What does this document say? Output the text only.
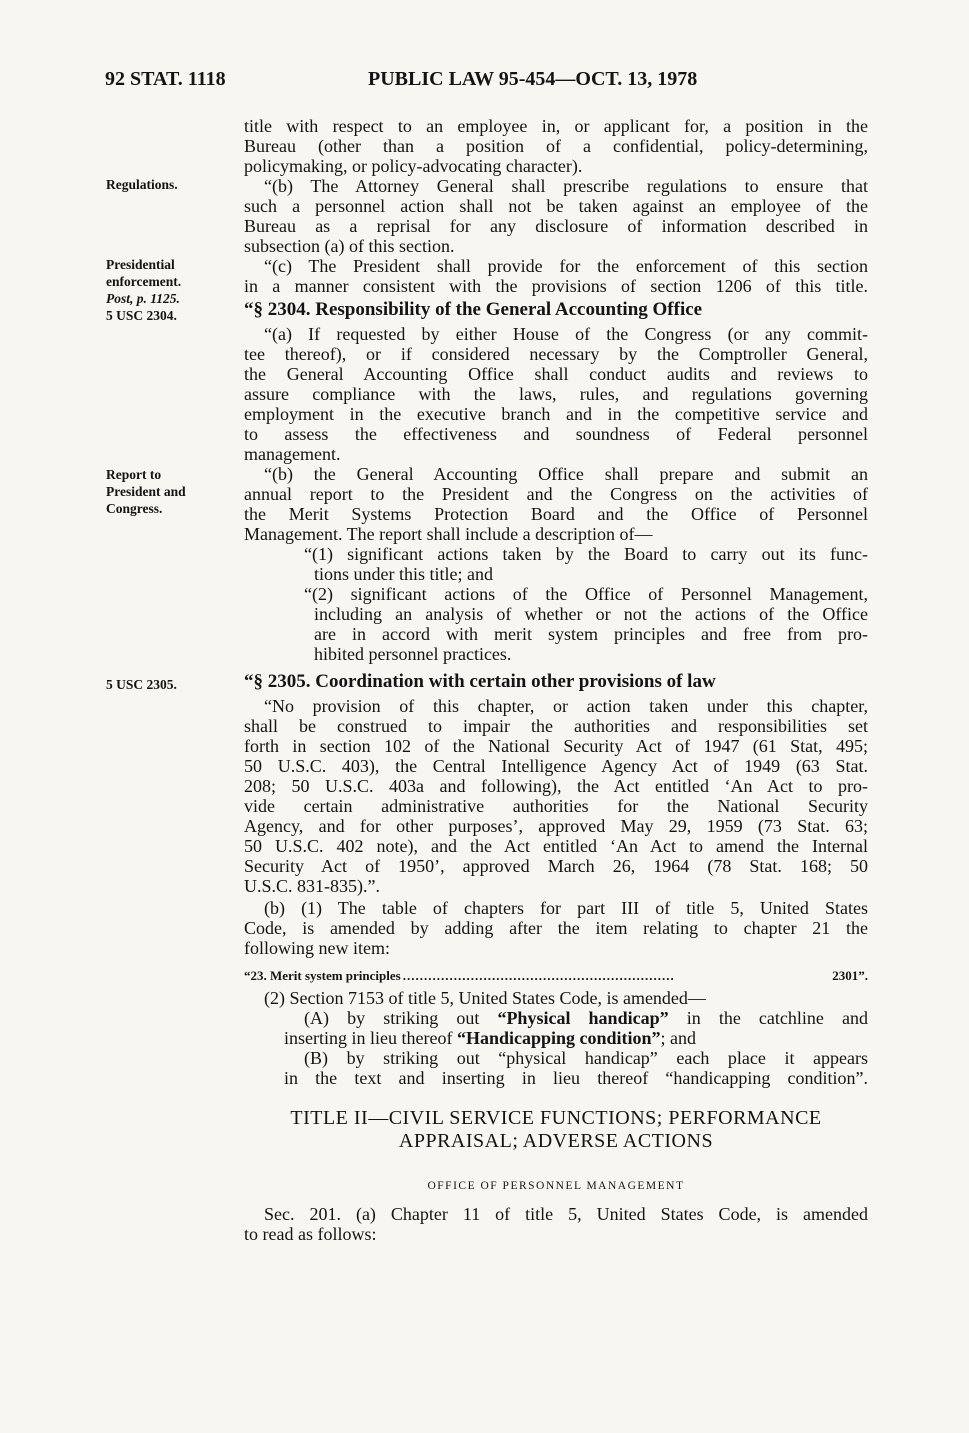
92 STAT. 1118	PUBLIC LAW 95-454—OCT. 13, 1978
Regulations.
Presidential
enforcement.
Post, p. 1125.
5 USC 2304.
Report to
President and
Congress.
5 USC 2305.
title with respect to an employee in, or applicant for, a position in the
Bureau (other than a position of a confidential, policy-determining,
policymaking, or policy-advocating character).
“(b) The Attorney General shall prescribe regulations to ensure that
such a personnel action shall not be taken against an employee of the
Bureau as a reprisal for any disclosure of information described in
subsection (a) of this section.
“(c) The President shall provide for the enforcement of this section
in a manner consistent with the provisions of section 1206 of this title.
“§ 2304. Responsibility of the General Accounting Office
“(a) If requested by either House of the Congress (or any commit-
tee thereof), or if considered necessary by the Comptroller General,
the General Accounting Office shall conduct audits and reviews to
assure compliance with the laws, rules, and regulations governing
employment in the executive branch and in the competitive service and
to assess the effectiveness and soundness of Federal personnel
management.
“(b) the General Accounting Office shall prepare and submit an
annual report to the President and the Congress on the activities of
the Merit Systems Protection Board and the Office of Personnel
Management. The report shall include a description of—
“(1) significant actions taken by the Board to carry out its func-
tions under this title; and
“(2) significant actions of the Office of Personnel Management,
including an analysis of whether or not the actions of the Office
are in accord with merit system principles and free from pro-
hibited personnel practices.
“§ 2305. Coordination with certain other provisions of law
“No provision of this chapter, or action taken under this chapter,
shall be construed to impair the authorities and responsibilities set
forth in section 102 of the National Security Act of 1947 (61 Stat, 495;
50 U.S.C. 403), the Central Intelligence Agency Act of 1949 (63 Stat.
208; 50 U.S.C. 403a and following), the Act entitled ‘An Act to pro-
vide certain administrative authorities for the National Security
Agency, and for other purposes’, approved May 29, 1959 (73 Stat. 63;
50 U.S.C. 402 note), and the Act entitled ‘An Act to amend the Internal
Security Act of 1950’, approved March 26, 1964 (78 Stat. 168; 50
U.S.C. 831-835).”.
(b) (1) The table of chapters for part III of title 5, United States
Code, is amended by adding after the item relating to chapter 21 the
following new item:
“23. Merit system principles ................................................................	2301”.
(2) Section 7153 of title 5, United States Code, is amended—
(A) by striking out “Physical handicap” in the catchline and
inserting in lieu thereof “Handicapping condition”; and
(B) by striking out “physical handicap” each place it appears
in the text and inserting in lieu thereof “handicapping condition”.
TITLE II—CIVIL SERVICE FUNCTIONS; PERFORMANCE
APPRAISAL; ADVERSE ACTIONS
OFFICE OF PERSONNEL MANAGEMENT
Sec. 201. (a) Chapter 11 of title 5, United States Code, is amended
to read as follows:
